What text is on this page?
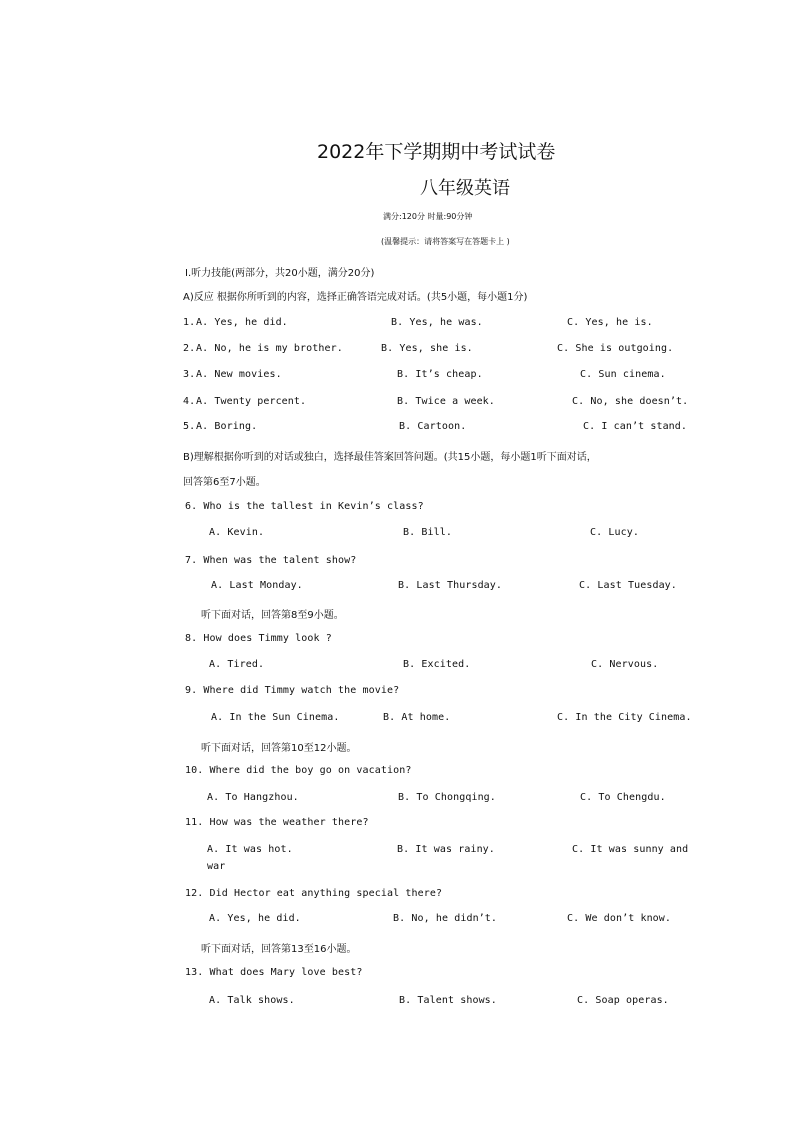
2022年下学期期中考试试卷
八年级英语
满分:120分 时量:90分钟
(温馨提示：请将答案写在答题卡上 )
Ⅰ.听力技能(两部分，共20小题，满分20分)
A)反应 根据你所听到的内容，选择正确答语完成对话。(共5小题，每小题1分)
1. A. Yes, he did.	B. Yes, he was.	C. Yes, he is.
2. A. No, he is my brother.	B. Yes, she is.	C. She is outgoing.
3. A. New movies.	B. It’s cheap.	C. Sun cinema.
4. A. Twenty percent.	B. Twice a week.	C. No, she doesn’t.
5. A. Boring.	B. Cartoon.	C. I can’t stand.
B)理解根据你听到的对话或独白，选择最佳答案回答问题。(共15小题，每小题1听下面对话，
回答第6至7小题。
6. Who is the tallest in Kevin’s class?
A. Kevin.	B. Bill.	C. Lucy.
7. When was the talent show?
A. Last Monday.	B. Last Thursday.	C. Last Tuesday.
听下面对话，回答第8至9小题。
8. How does Timmy look ?
A. Tired.	B. Excited.	C. Nervous.
9. Where did Timmy watch the movie?
A. In the Sun Cinema.	B. At home.	C. In the City Cinema.
听下面对话，回答第10至12小题。
10. Where did the boy go on vacation?
A. To Hangzhou.	B. To Chongqing.	C. To Chengdu.
11. How was the weather there?
A. It was hot.	B. It was rainy.	C. It was sunny and
war
12. Did Hector eat anything special there?
A. Yes, he did.	B. No, he didn’t.	C. We don’t know.
听下面对话，回答第13至16小题。
13. What does Mary love best?
A. Talk shows.	B. Talent shows.	C. Soap operas.
